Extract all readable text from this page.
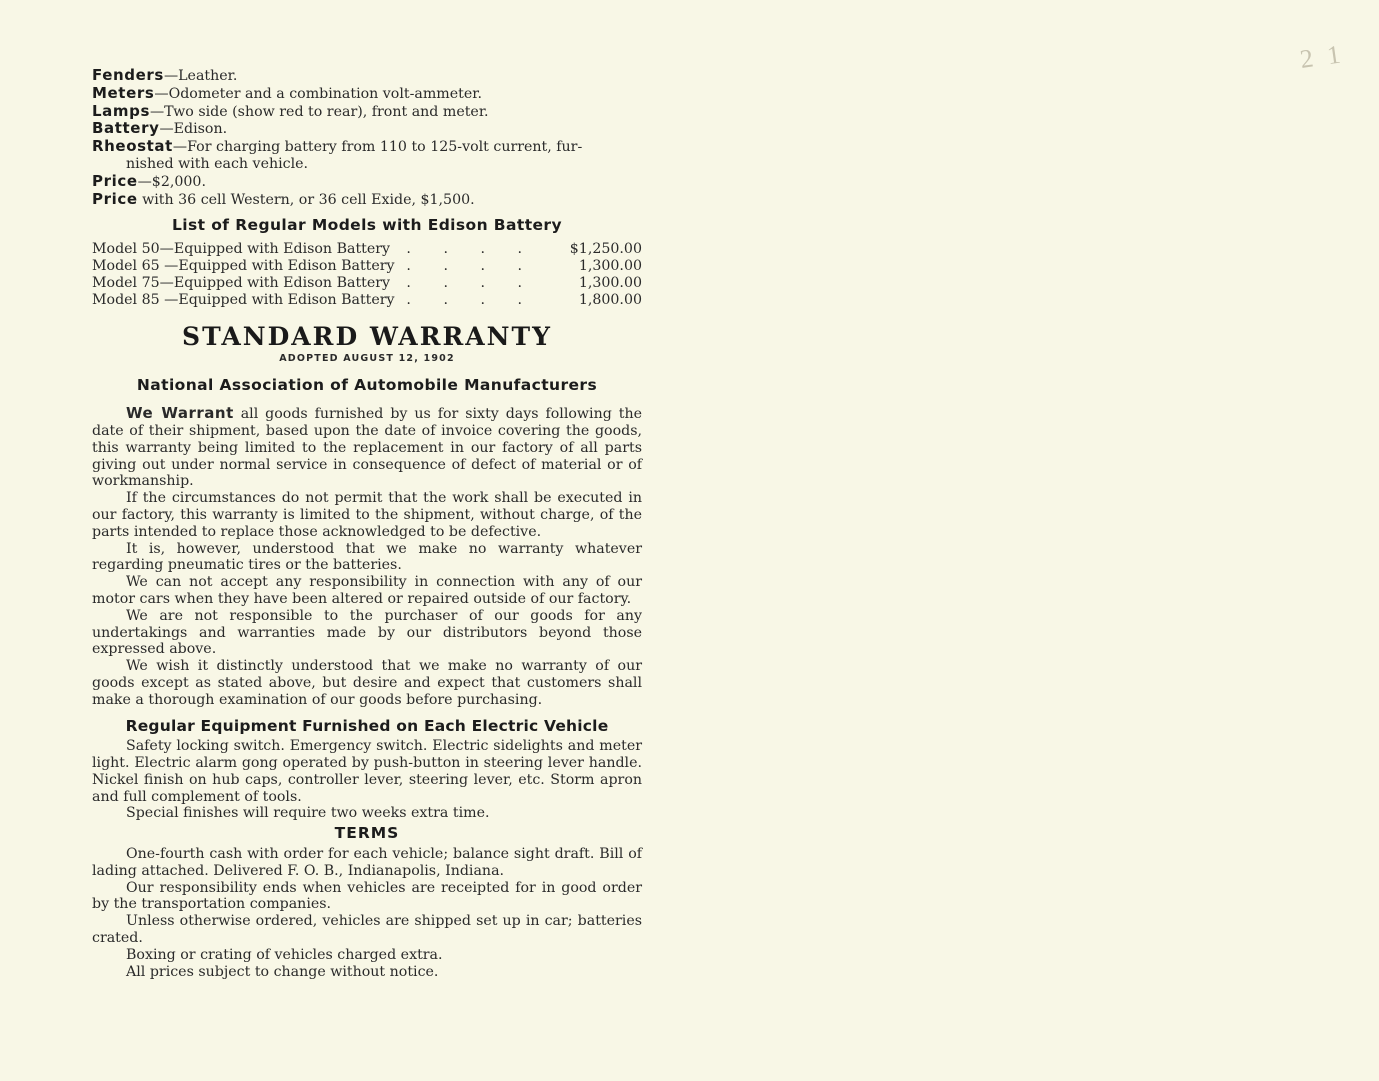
2 1

Fenders—Leather.

Meters—Odometer and a combination volt-ammeter.

Lamps—Two side (show red to rear), front and meter.

Battery—Edison.

Rheostat—For charging battery from 110 to 125-volt current, fur-

nished with each vehicle.

Price—$2,000.

Price with 36 cell Western, or 36 cell Exide, $1,500.

List of Regular Models with Edison Battery
Model 50—Equipped with Edison Battery	. . . .	$1,250.00
Model 65 —Equipped with Edison Battery . . . .	1,300.00
Model 75—Equipped with Edison Battery	. . . .	1,300.00
Model 85 —Equipped with Edison Battery . . . .	1,800.00
STANDARD WARRANTY

ADOPTED AUGUST 12, 1902

National Association of Automobile Manufacturers

We Warrant all goods furnished by us for sixty days following the date of their shipment, based upon the date of invoice covering the goods, this warranty being limited to the replacement in our factory of all parts giving out under normal service in consequence of defect of material or of workmanship.

If the circumstances do not permit that the work shall be executed in our factory, this warranty is limited to the shipment, without charge, of the parts intended to replace those acknowledged to be defective.

It is, however, understood that we make no warranty whatever regarding pneumatic tires or the batteries.

We can not accept any responsibility in connection with any of our motor cars when they have been altered or repaired outside of our factory.

We are not responsible to the purchaser of our goods for any undertakings and warranties made by our distributors beyond those expressed above.

We wish it distinctly understood that we make no warranty of our goods except as stated above, but desire and expect that customers shall make a thorough examination of our goods before purchasing.

Regular Equipment Furnished on Each Electric Vehicle

Safety locking switch. Emergency switch. Electric sidelights and meter light. Electric alarm gong operated by push-button in steering lever handle. Nickel finish on hub caps, controller lever, steering lever, etc. Storm apron and full complement of tools.

Special finishes will require two weeks extra time.

TERMS

One-fourth cash with order for each vehicle; balance sight draft. Bill of lading attached. Delivered F. O. B., Indianapolis, Indiana.

Our responsibility ends when vehicles are receipted for in good order by the transportation companies.

Unless otherwise ordered, vehicles are shipped set up in car; batteries crated.

Boxing or crating of vehicles charged extra.

All prices subject to change without notice.
